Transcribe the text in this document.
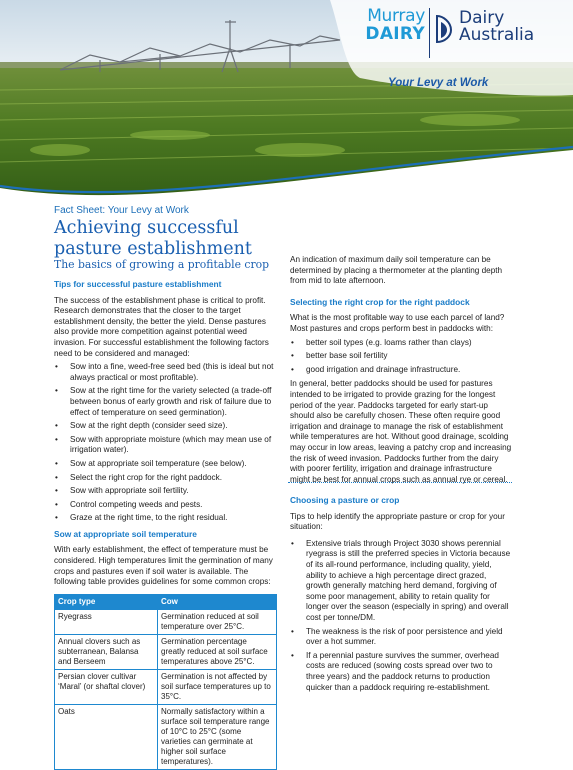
Murray
DAIRY
Dairy
Australia
Your Levy at Work
Fact Sheet: Your Levy at Work
Achieving successful pasture establishment
The basics of growing a profitable crop
Tips for successful pasture establishment

The success of the establishment phase is critical to profit. Research demonstrates that the closer to the target establishment density, the better the yield. Dense pastures also provide more competition against potential weed invasion. For successful establishment the following factors need to be considered and managed:

• Sow into a fine, weed-free seed bed (this is ideal but not always practical or most profitable).
• Sow at the right time for the variety selected (a trade-off between bonus of early growth and risk of failure due to effect of temperature on seed germination).
• Sow at the right depth (consider seed size).
• Sow with appropriate moisture (which may mean use of irrigation water).
• Sow at appropriate soil temperature (see below).
• Select the right crop for the right paddock.
• Sow with appropriate soil fertility.
• Control competing weeds and pests.
• Graze at the right time, to the right residual.
Sow at appropriate soil temperature

With early establishment, the effect of temperature must be considered. High temperatures limit the germination of many crops and pastures even if soil water is available. The following table provides guidelines for some common crops:

Crop type	Cow
Ryegrass	Germination reduced at soil temperature over 25°C.
Annual clovers such as subterranean, Balansa and Berseem	Germination percentage greatly reduced at soil surface temperatures above 25°C.
Persian clover cultivar ‘Maral’ (or shaftal clover)	Germination is not affected by soil surface temperatures up to 35°C.
Oats	Normally satisfactory within a surface soil temperature range of 10°C to 25°C (some varieties can germinate at higher soil surface temperatures).

An indication of maximum daily soil temperature can be determined by placing a thermometer at the planting depth from mid to late afternoon.

Selecting the right crop for the right paddock

What is the most profitable way to use each parcel of land? Most pastures and crops perform best in paddocks with:

• better soil types (e.g. loams rather than clays)
• better base soil fertility
• good irrigation and drainage infrastructure.

In general, better paddocks should be used for pastures intended to be irrigated to provide grazing for the longest period of the year. Paddocks targeted for early start-up should also be carefully chosen. These often require good irrigation and drainage to manage the risk of establishment while temperatures are hot. Without good drainage, scolding may occur in low areas, leaving a patchy crop and increasing the risk of weed invasion. Paddocks further from the dairy with poorer fertility, irrigation and drainage infrastructure might be best for annual crops such as annual rye or cereal.

Choosing a pasture or crop

Tips to help identify the appropriate pasture or crop for your situation:

• Extensive trials through Project 3030 shows perennial ryegrass is still the preferred species in Victoria because of its all-round performance, including quality, yield, ability to achieve a high percentage direct grazed, growth generally matching herd demand, forgiving of some poor management, ability to retain quality for longer over the season (especially in spring) and overall cost per tonne/DM.
• The weakness is the risk of poor persistence and yield over a hot summer.
• If a perennial pasture survives the summer, overhead costs are reduced (sowing costs spread over two to three years) and the paddock returns to production quicker than a paddock requiring re-establishment.
